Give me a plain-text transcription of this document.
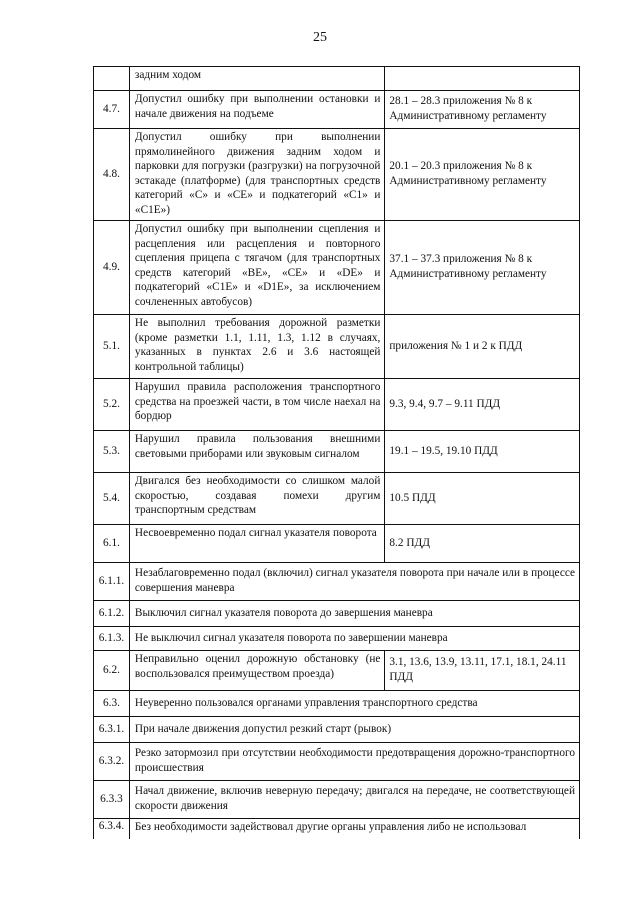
25
задним ходом
4.7.
Допустил ошибку при выполнении остановки и начале движения на подъеме
28.1 – 28.3 приложения № 8 к Административному регламенту
4.8.
Допустил ошибку при выполнении прямолинейного движения задним ходом и парковки для погрузки (разгрузки) на погрузочной эстакаде (платформе) (для транспортных средств категорий «С» и «СЕ» и подкатегорий «С1» и «С1Е»)
20.1 – 20.3 приложения № 8 к Административному регламенту
4.9.
Допустил ошибку при выполнении сцепления и расцепления или расцепления и повторного сцепления прицепа с тягачом (для транспортных средств категорий «ВЕ», «СЕ» и «DE» и подкатегорий «С1Е» и «D1E», за исключением сочлененных автобусов)
37.1 – 37.3 приложения № 8 к Административному регламенту
5.1.
Не выполнил требования дорожной разметки (кроме разметки 1.1, 1.11, 1.3, 1.12 в случаях, указанных в пунктах 2.6 и 3.6 настоящей контрольной таблицы)
приложения № 1 и 2 к ПДД
5.2.
Нарушил правила расположения транспортного средства на проезжей части, в том числе наехал на бордюр
9.3, 9.4, 9.7 – 9.11 ПДД
5.3.
Нарушил правила пользования внешними световыми приборами или звуковым сигналом	19.1 – 19.5, 19.10 ПДД
5.4.
Двигался без необходимости со слишком малой скоростью, создавая помехи другим транспортным средствам
10.5 ПДД
6.1.
Несвоевременно подал сигнал указателя поворота
8.2 ПДД
6.1.1.
Незаблаговременно подал (включил) сигнал указателя поворота при начале или в процессе совершения маневра
6.1.2. Выключил сигнал указателя поворота до завершения маневра
6.1.3. Не выключил сигнал указателя поворота по завершении маневра
6.2.
Неправильно оценил дорожную обстановку (не воспользовался преимуществом проезда)
3.1, 13.6, 13.9, 13.11, 17.1, 18.1, 24.11 ПДД
6.3.	Неуверенно пользовался органами управления транспортного средства
6.3.1. При начале движения допустил резкий старт (рывок)
6.3.2.
Резко затормозил при отсутствии необходимости предотвращения дорожно-транспортного происшествия
6.3.3
Начал движение, включив неверную передачу; двигался на передаче, не соответствующей скорости движения
6.3.4. Без необходимости задействовал другие органы управления либо не использовал
